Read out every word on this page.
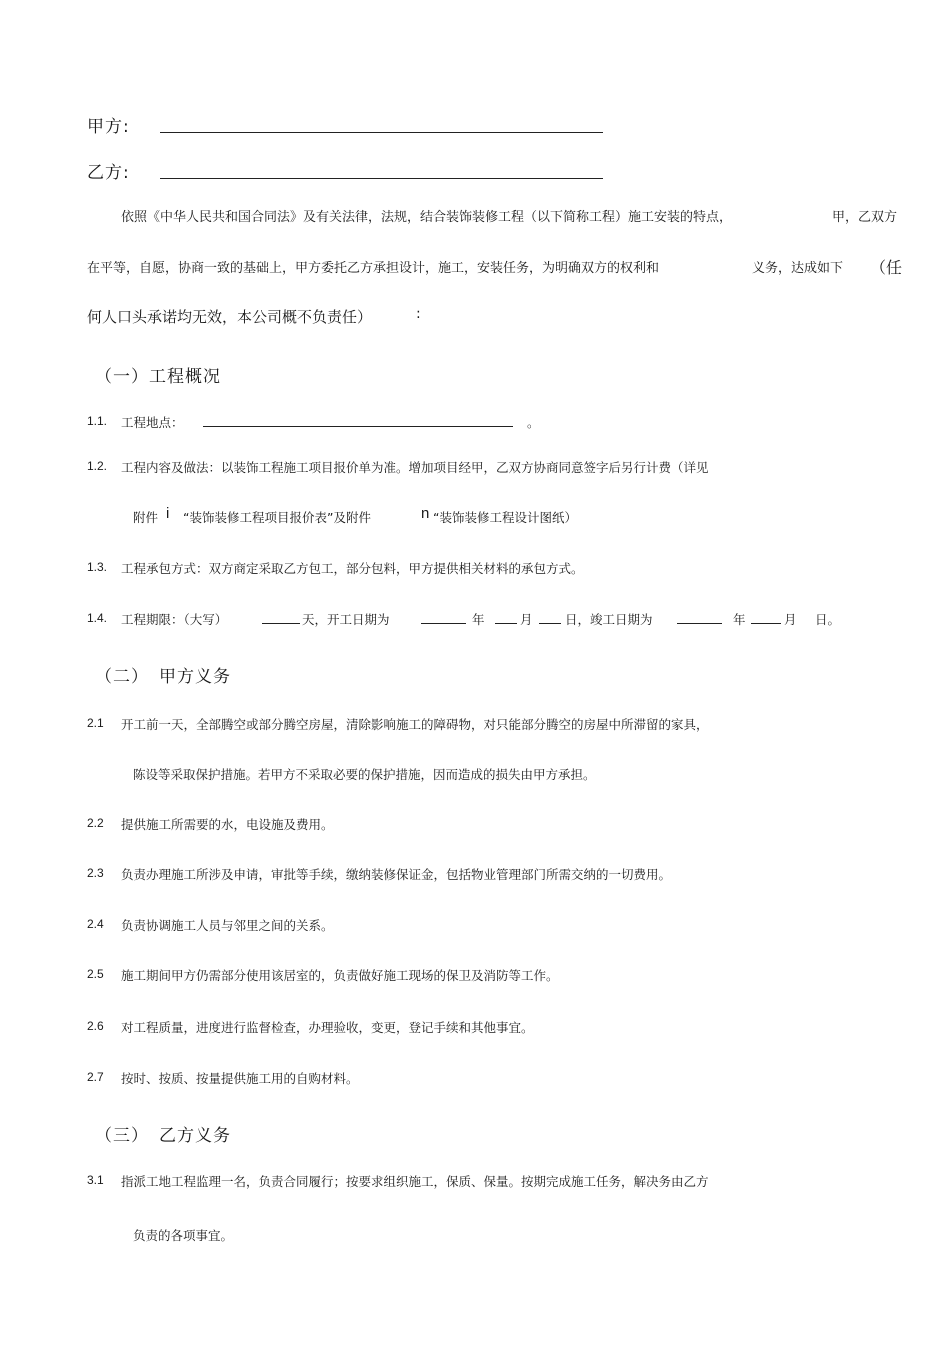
甲方:
乙方:
依照《中华人民共和国合同法》及有关法律，法规，结合装饰装修工程（以下简称工程）施工安装的特点，	甲，乙双方
在平等，自愿，协商一致的基础上，甲方委托乙方承担设计，施工，安装任务，为明确双方的权利和	义务，达成如下 （任
何人口头承诺均无效，本公司概不负责任）	:
（一）工程概况
1.1. 工程地点：	。
1.2. 工程内容及做法：以装饰工程施工项目报价单为准。增加项目经甲，乙双方协商同意签字后另行计费（详见
附件 i “装饰装修工程项目报价表”及附件	n “装饰装修工程设计图纸）
1.3. 工程承包方式：双方商定采取乙方包工，部分包料，甲方提供相关材料的承包方式。
1.4. 工程期限：（大写）	天，开工日期为	年	月	日，竣工日期为	年	月 日。
（二） 甲方义务
2.1 开工前一天，全部腾空或部分腾空房屋，清除影响施工的障碍物，对只能部分腾空的房屋中所滞留的家具，
陈设等采取保护措施。若甲方不采取必要的保护措施，因而造成的损失由甲方承担。
2.2 提供施工所需要的水，电设施及费用。
2.3 负责办理施工所涉及申请，审批等手续，缴纳装修保证金，包括物业管理部门所需交纳的一切费用。
2.4 负责协调施工人员与邻里之间的关系。
2.5 施工期间甲方仍需部分使用该居室的，负责做好施工现场的保卫及消防等工作。
2.6 对工程质量，进度进行监督检查，办理验收，变更，登记手续和其他事宜。
2.7 按时、按质、按量提供施工用的自购材料。
（三） 乙方义务
3.1 指派工地工程监理一名，负责合同履行；按要求组织施工，保质、保量。按期完成施工任务，解决务由乙方
负责的各项事宜。
